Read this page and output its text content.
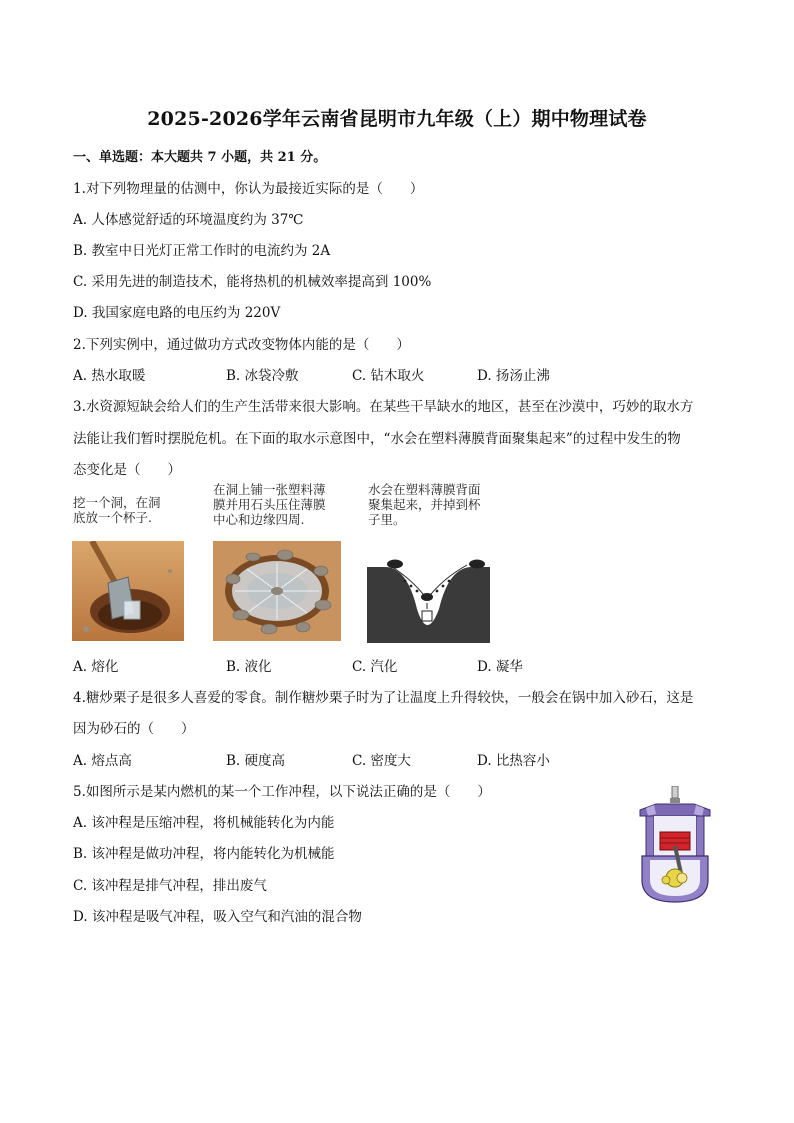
2025-2026学年云南省昆明市九年级（上）期中物理试卷
一、单选题：本大题共 7 小题，共 21 分。
1.对下列物理量的估测中，你认为最接近实际的是（　　）
A. 人体感觉舒适的环境温度约为 37℃
B. 教室中日光灯正常工作时的电流约为 2A
C. 采用先进的制造技术，能将热机的机械效率提高到 100%
D. 我国家庭电路的电压约为 220V
2.下列实例中，通过做功方式改变物体内能的是（　　）
A. 热水取暖	B. 冰袋冷敷	C. 钻木取火	D. 扬汤止沸
3.水资源短缺会给人们的生产生活带来很大影响。在某些干旱缺水的地区，甚至在沙漠中，巧妙的取水方
法能让我们暂时摆脱危机。在下面的取水示意图中，“水会在塑料薄膜背面聚集起来”的过程中发生的物
态变化是（　　）
挖一个洞，在洞
底放一个杯子.
在洞上铺一张塑料薄
膜并用石头压住薄膜
中心和边缘四周.
水会在塑料薄膜背面
聚集起来，并掉到杯
子里。
A. 熔化	B. 液化	C. 汽化	D. 凝华
4.糖炒栗子是很多人喜爱的零食。制作糖炒栗子时为了让温度上升得较快，一般会在锅中加入砂石，这是
因为砂石的（　　）
A. 熔点高	B. 硬度高	C. 密度大	D. 比热容小
5.如图所示是某内燃机的某一个工作冲程，以下说法正确的是（　　）
A. 该冲程是压缩冲程，将机械能转化为内能
B. 该冲程是做功冲程，将内能转化为机械能
C. 该冲程是排气冲程，排出废气
D. 该冲程是吸气冲程，吸入空气和汽油的混合物
